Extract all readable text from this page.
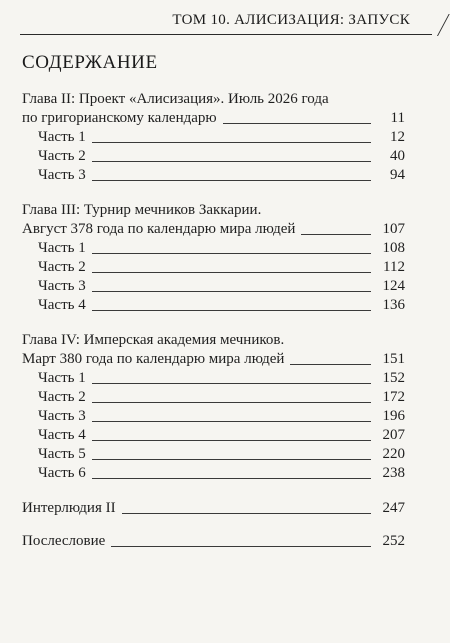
ТОМ 10. АЛИСИЗАЦИЯ: ЗАПУСК
СОДЕРЖАНИЕ
Глава II: Проект «Алисизация». Июль 2026 года
по григорианскому календарю	11
Часть 1	12
Часть 2	40
Часть 3	94
Глава III: Турнир мечников Заккарии.
Август 378 года по календарю мира людей	107
Часть 1	108
Часть 2	112
Часть 3	124
Часть 4	136
Глава IV: Имперская академия мечников.
Март 380 года по календарю мира людей	151
Часть 1	152
Часть 2	172
Часть 3	196
Часть 4	207
Часть 5	220
Часть 6	238
Интерлюдия II	247
Послесловие	252
